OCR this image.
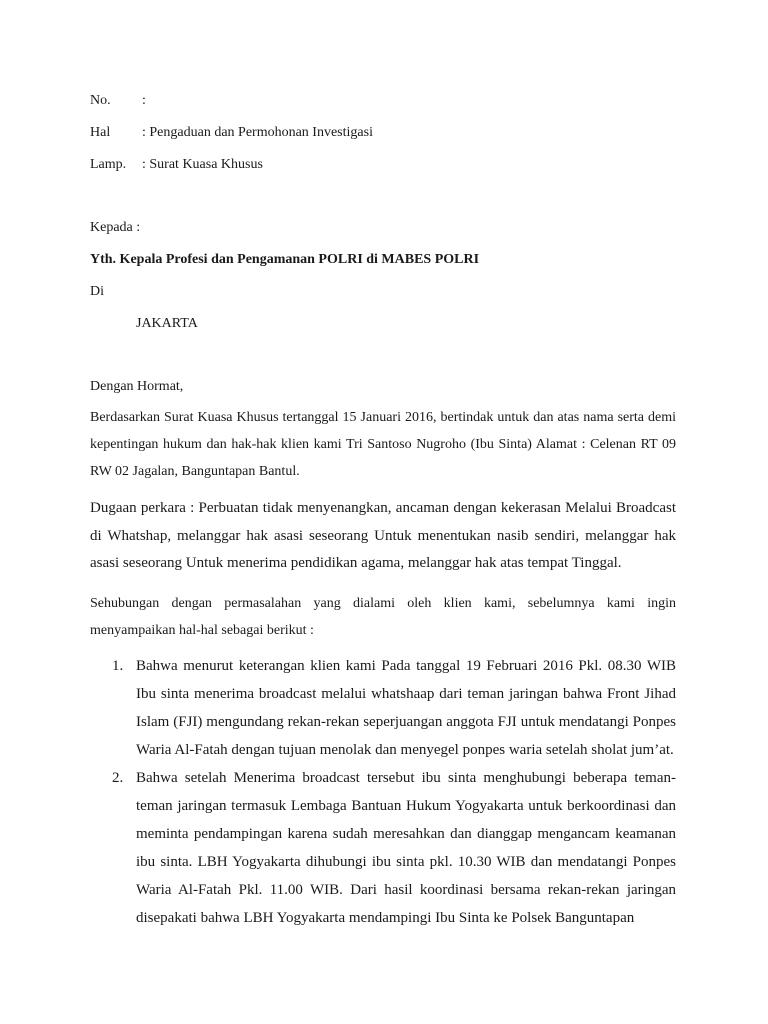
No. :
Hal : Pengaduan dan Permohonan Investigasi
Lamp. : Surat Kuasa Khusus
Kepada :
Yth. Kepala Profesi dan Pengamanan POLRI di MABES POLRI
Di
JAKARTA
Dengan Hormat,
Berdasarkan Surat Kuasa Khusus tertanggal 15 Januari 2016, bertindak untuk dan atas nama serta demi kepentingan hukum dan hak-hak klien kami Tri Santoso Nugroho (Ibu Sinta) Alamat : Celenan RT 09 RW 02 Jagalan, Banguntapan Bantul.
Dugaan perkara : Perbuatan tidak menyenangkan, ancaman dengan kekerasan Melalui Broadcast di Whatshap, melanggar hak asasi seseorang Untuk menentukan nasib sendiri, melanggar hak asasi seseorang Untuk menerima pendidikan agama, melanggar hak atas tempat Tinggal.
Sehubungan dengan permasalahan yang dialami oleh klien kami, sebelumnya kami ingin menyampaikan hal-hal sebagai berikut :
1. Bahwa menurut keterangan klien kami Pada tanggal 19 Februari 2016 Pkl. 08.30 WIB Ibu sinta menerima broadcast melalui whatshaap dari teman jaringan bahwa Front Jihad Islam (FJI) mengundang rekan-rekan seperjuangan anggota FJI untuk mendatangi Ponpes Waria Al-Fatah dengan tujuan menolak dan menyegel ponpes waria setelah sholat jum’at.
2. Bahwa setelah Menerima broadcast tersebut ibu sinta menghubungi beberapa teman-teman jaringan termasuk Lembaga Bantuan Hukum Yogyakarta untuk berkoordinasi dan meminta pendampingan karena sudah meresahkan dan dianggap mengancam keamanan ibu sinta. LBH Yogyakarta dihubungi ibu sinta pkl. 10.30 WIB dan mendatangi Ponpes Waria Al-Fatah Pkl. 11.00 WIB. Dari hasil koordinasi bersama rekan-rekan jaringan disepakati bahwa LBH Yogyakarta mendampingi Ibu Sinta ke Polsek Banguntapan
